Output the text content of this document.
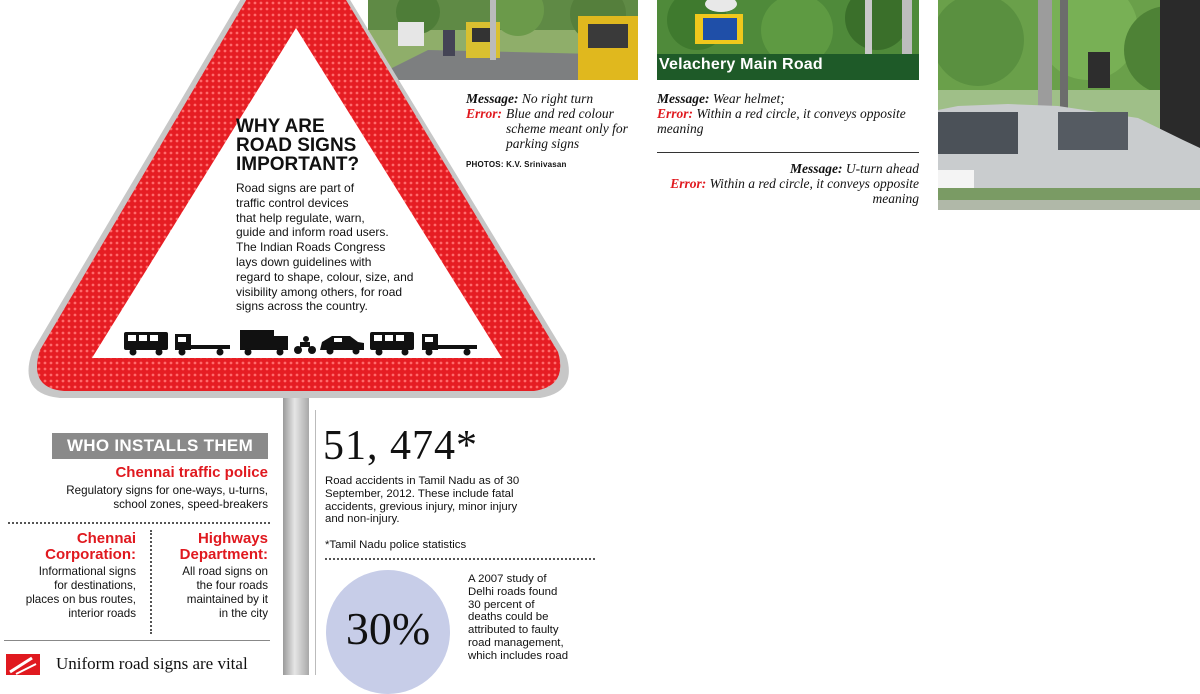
Message: No right turn
Error: Blue and red colour scheme meant only for parking signs
PHOTOS: K.V. Srinivasan
Velachery Main Road
Message: Wear helmet;
Error: Within a red circle, it conveys opposite meaning
Message: U-turn ahead
Error: Within a red circle, it conveys opposite meaning
WHY ARE
ROAD SIGNS
IMPORTANT?
Road signs are part of
traffic control devices
that help regulate, warn,
guide and inform road users.
The Indian Roads Congress
lays down guidelines with
regard to shape, colour, size, and
visibility among others, for road
signs across the country.
WHO INSTALLS THEM
Chennai traffic police
Regulatory signs for one-ways, u-turns,
school zones, speed-breakers
Chennai
Corporation:
Informational signs
for destinations,
places on bus routes,
interior roads
Highways
Department:
All road signs on
the four roads
maintained by it
in the city
Uniform road signs are vital
51, 474*
Road accidents in Tamil Nadu as of 30
September, 2012. These include fatal
accidents, grevious injury, minor injury
and non-injury.
*Tamil Nadu police statistics
30%
A 2007 study of
Delhi roads found
30 percent of
deaths could be
attributed to faulty
road management,
which includes road
